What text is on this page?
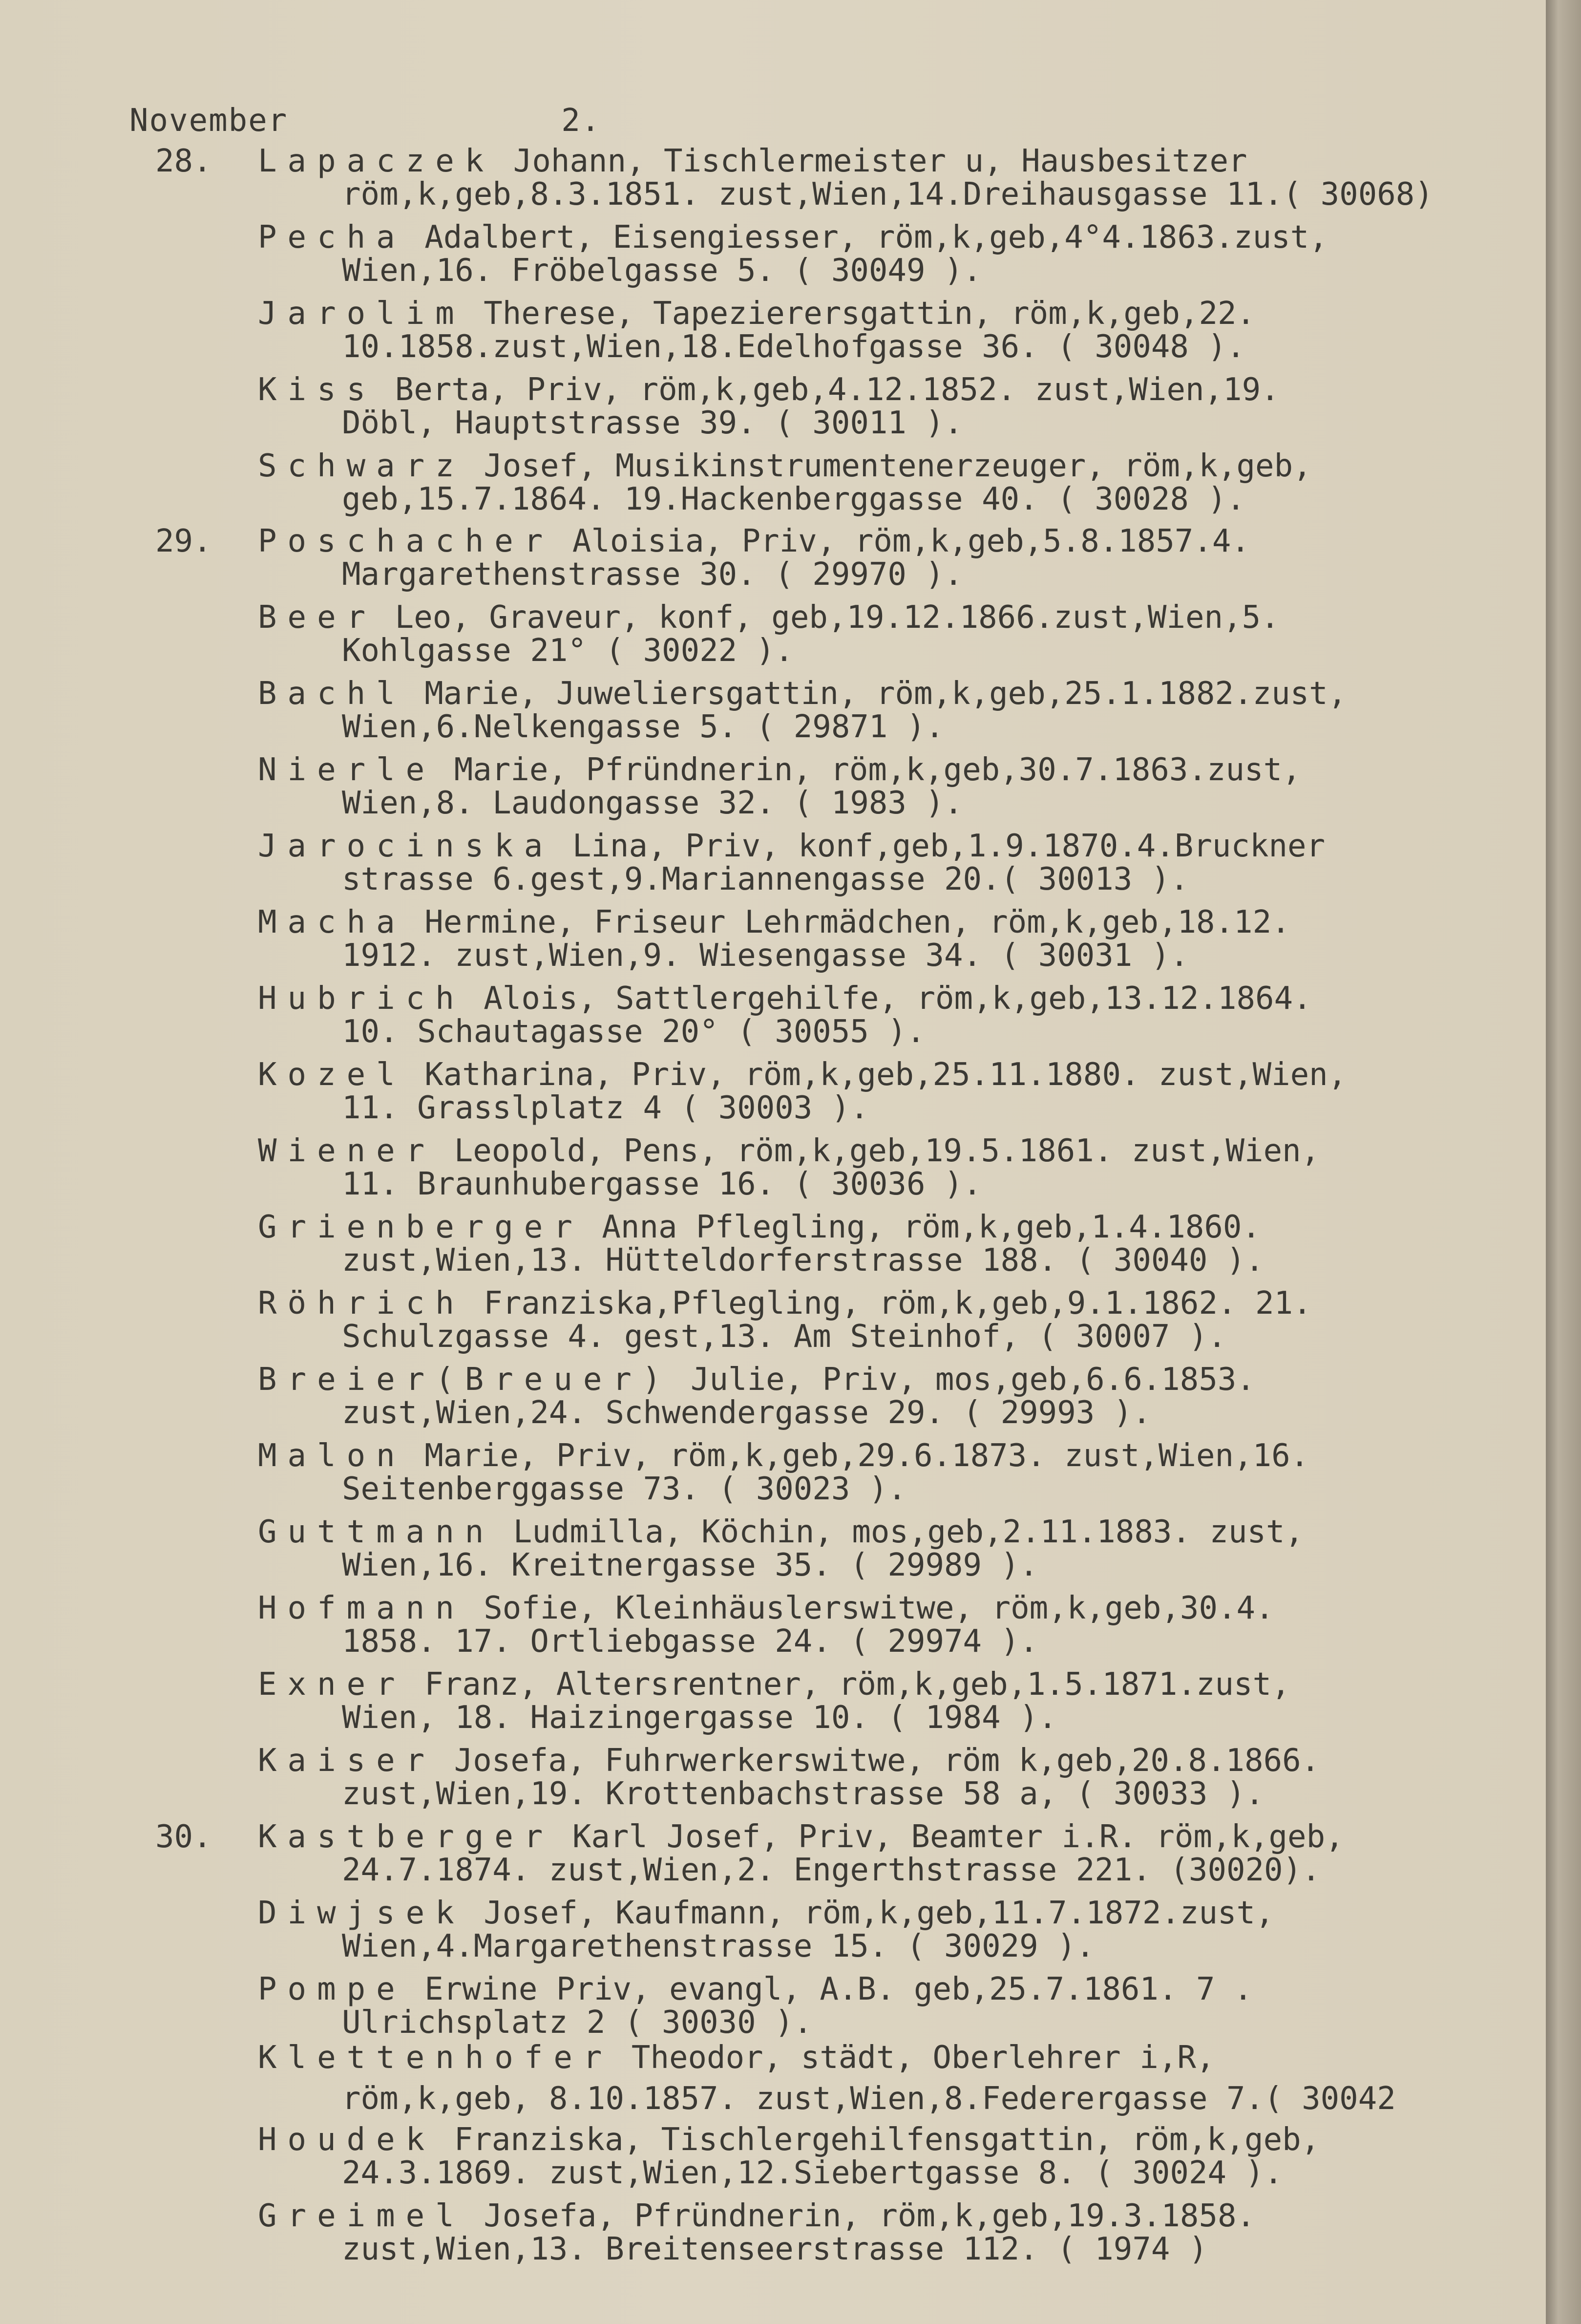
November	2.
28.	Lapaczek Johann, Tischlermeister u, Hausbesitzer
röm,k,geb,8.3.1851. zust,Wien,14.Dreihausgasse 11.( 30068)
Pecha Adalbert, Eisengiesser, röm,k,geb,4°4.1863.zust,
Wien,16. Fröbelgasse 5. ( 30049 ).
Jarolim Therese, Tapezierersgattin, röm,k,geb,22.
10.1858.zust,Wien,18.Edelhofgasse 36. ( 30048 ).
Kiss Berta, Priv, röm,k,geb,4.12.1852. zust,Wien,19.
Döbl, Hauptstrasse 39. ( 30011 ).
Schwarz Josef, Musikinstrumentenerzeuger, röm,k,geb,
geb,15.7.1864. 19.Hackenberggasse 40. ( 30028 ).
29.	Poschacher Aloisia, Priv, röm,k,geb,5.8.1857.4.
Margarethenstrasse 30. ( 29970 ).
Beer Leo, Graveur, konf, geb,19.12.1866.zust,Wien,5.
Kohlgasse 21° ( 30022 ).
Bachl Marie, Juweliersgattin, röm,k,geb,25.1.1882.zust,
Wien,6.Nelkengasse 5. ( 29871 ).
Nierle Marie, Pfründnerin, röm,k,geb,30.7.1863.zust,
Wien,8. Laudongasse 32. ( 1983 ).
Jarocinska Lina, Priv, konf,geb,1.9.1870.4.Bruckner
strasse 6.gest,9.Mariannengasse 20.( 30013 ).
Macha Hermine, Friseur Lehrmädchen, röm,k,geb,18.12.
1912. zust,Wien,9. Wiesengasse 34. ( 30031 ).
Hubrich Alois, Sattlergehilfe, röm,k,geb,13.12.1864.
10. Schautagasse 20° ( 30055 ).
Kozel Katharina, Priv, röm,k,geb,25.11.1880. zust,Wien,
11. Grasslplatz 4 ( 30003 ).
Wiener Leopold, Pens, röm,k,geb,19.5.1861. zust,Wien,
11. Braunhubergasse 16. ( 30036 ).
Grienberger Anna Pflegling, röm,k,geb,1.4.1860.
zust,Wien,13. Hütteldorferstrasse 188. ( 30040 ).
Röhrich Franziska,Pflegling, röm,k,geb,9.1.1862. 21.
Schulzgasse 4. gest,13. Am Steinhof, ( 30007 ).
Breier(Breuer) Julie, Priv, mos,geb,6.6.1853.
zust,Wien,24. Schwendergasse 29. ( 29993 ).
Malon Marie, Priv, röm,k,geb,29.6.1873. zust,Wien,16.
Seitenberggasse 73. ( 30023 ).
Guttmann Ludmilla, Köchin, mos,geb,2.11.1883. zust,
Wien,16. Kreitnergasse 35. ( 29989 ).
Hofmann Sofie, Kleinhäuslerswitwe, röm,k,geb,30.4.
1858. 17. Ortliebgasse 24. ( 29974 ).
Exner Franz, Altersrentner, röm,k,geb,1.5.1871.zust,
Wien, 18. Haizingergasse 10. ( 1984 ).
Kaiser Josefa, Fuhrwerkerswitwe, röm k,geb,20.8.1866.
zust,Wien,19. Krottenbachstrasse 58 a, ( 30033 ).
30.	Kastberger Karl Josef, Priv, Beamter i.R. röm,k,geb,
24.7.1874. zust,Wien,2. Engerthstrasse 221. (30020).
Diwjsek Josef, Kaufmann, röm,k,geb,11.7.1872.zust,
Wien,4.Margarethenstrasse 15. ( 30029 ).
Pompe Erwine Priv, evangl, A.B. geb,25.7.1861. 7 .
Ulrichsplatz 2 ( 30030 ).
Klettenhofer Theodor, städt, Oberlehrer i,R,
röm,k,geb, 8.10.1857. zust,Wien,8.Federergasse 7.( 30042
Houdek Franziska, Tischlergehilfensgattin, röm,k,geb,
24.3.1869. zust,Wien,12.Siebertgasse 8. ( 30024 ).
Greimel Josefa, Pfründnerin, röm,k,geb,19.3.1858.
zust,Wien,13. Breitenseerstrasse 112. ( 1974 )
